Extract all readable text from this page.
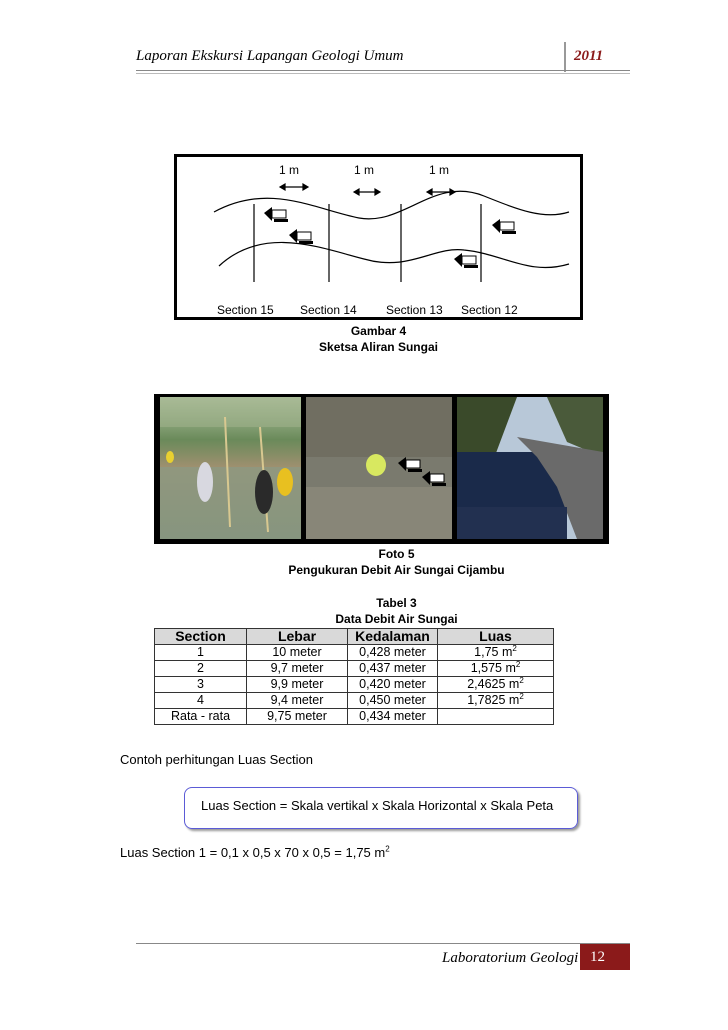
Laporan Ekskursi Lapangan Geologi Umum	2011
1 m	1 m	1 m
Section 15 Section 14 Section 13 Section 12
Gambar 4
Sketsa Aliran Sungai
Foto 5
Pengukuran Debit Air Sungai Cijambu
Tabel 3
Data Debit Air Sungai
Section	Lebar	Kedalaman	Luas
1	10 meter	0,428 meter	1,75 $m^2$
2	9,7 meter	0,437 meter	1,575 $m^2$
3	9,9 meter	0,420 meter	2,4625 $m^2$
4	9,4 meter	0,450 meter	1,7825 $m^2$
Rata - rata	9,75 meter	0,434 meter	
Contoh perhitungan Luas Section
Luas Section = Skala vertikal x Skala Horizontal x Skala Peta
Luas Section 1 = 0,1 x 0,5 x 70 x 0,5 = 1,75 $m^2$
Laboratorium Geologi 12
